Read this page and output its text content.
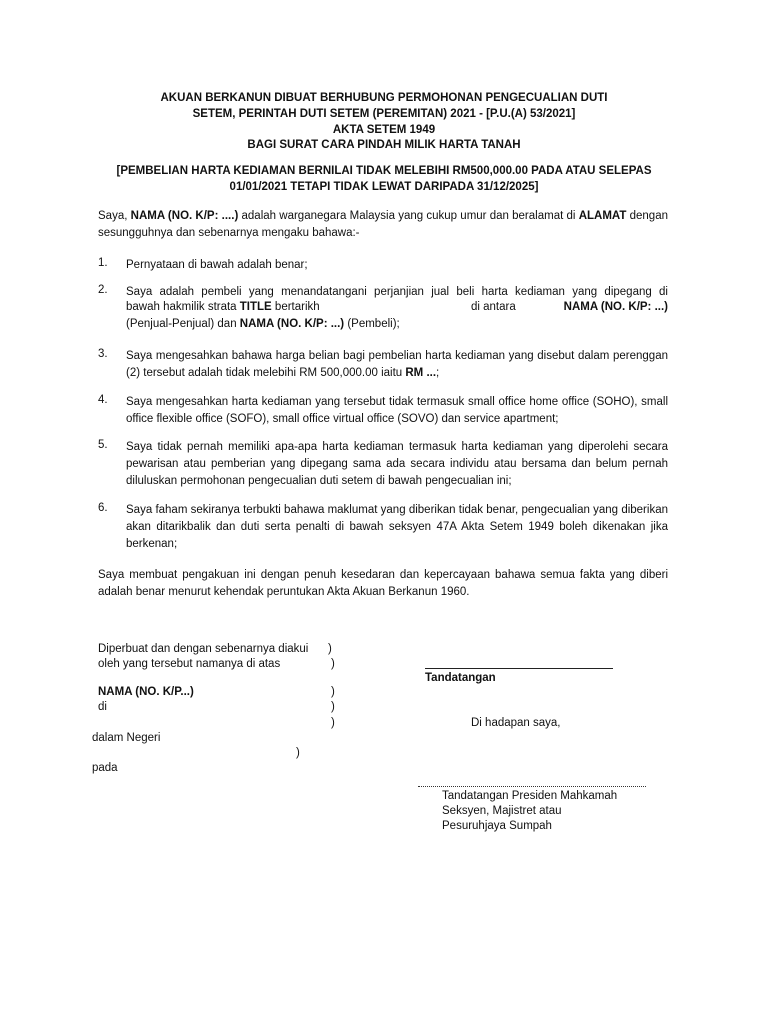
AKUAN BERKANUN DIBUAT BERHUBUNG PERMOHONAN PENGECUALIAN DUTI
SETEM, PERINTAH DUTI SETEM (PEREMITAN) 2021 - [P.U.(A) 53/2021]
AKTA SETEM 1949
BAGI SURAT CARA PINDAH MILIK HARTA TANAH
[PEMBELIAN HARTA KEDIAMAN BERNILAI TIDAK MELEBIHI RM500,000.00 PADA ATAU SELEPAS
01/01/2021 TETAPI TIDAK LEWAT DARIPADA 31/12/2025]
Saya, NAMA (NO. K/P: ....) adalah warganegara Malaysia yang cukup umur dan beralamat di ALAMAT dengan sesungguhnya dan sebenarnya mengaku bahawa:-
1. Pernyataan di bawah adalah benar;
2. Saya adalah pembeli yang menandatangani perjanjian jual beli harta kediaman yang dipegang di
bawah hakmilik strata TITLE bertarikh	di antara	NAMA (NO. K/P: ...)
(Penjual-Penjual) dan NAMA (NO. K/P: ...) (Pembeli);
3. Saya mengesahkan bahawa harga belian bagi pembelian harta kediaman yang disebut dalam perenggan (2) tersebut adalah tidak melebihi RM 500,000.00 iaitu RM ...;
4. Saya mengesahkan harta kediaman yang tersebut tidak termasuk small office home office (SOHO), small office flexible office (SOFO), small office virtual office (SOVO) dan service apartment;
5. Saya tidak pernah memiliki apa-apa harta kediaman termasuk harta kediaman yang diperolehi secara pewarisan atau pemberian yang dipegang sama ada secara individu atau bersama dan belum pernah diluluskan permohonan pengecualian duti setem di bawah pengecualian ini;
6. Saya faham sekiranya terbukti bahawa maklumat yang diberikan tidak benar, pengecualian yang diberikan akan ditarikbalik dan duti serta penalti di bawah seksyen 47A Akta Setem 1949 boleh dikenakan jika berkenan;
Saya membuat pengakuan ini dengan penuh kesedaran dan kepercayaan bahawa semua fakta yang diberi adalah benar menurut kehendak peruntukan Akta Akuan Berkanun 1960.
Diperbuat dan dengan sebenarnya diakui )
oleh yang tersebut namanya di atas	)
NAMA (NO. K/P...)	)
di	)
)
dalam Negeri
)
pada
Tandatangan
Di hadapan saya,
Tandatangan Presiden Mahkamah
Seksyen, Majistret atau
Pesuruhjaya Sumpah
